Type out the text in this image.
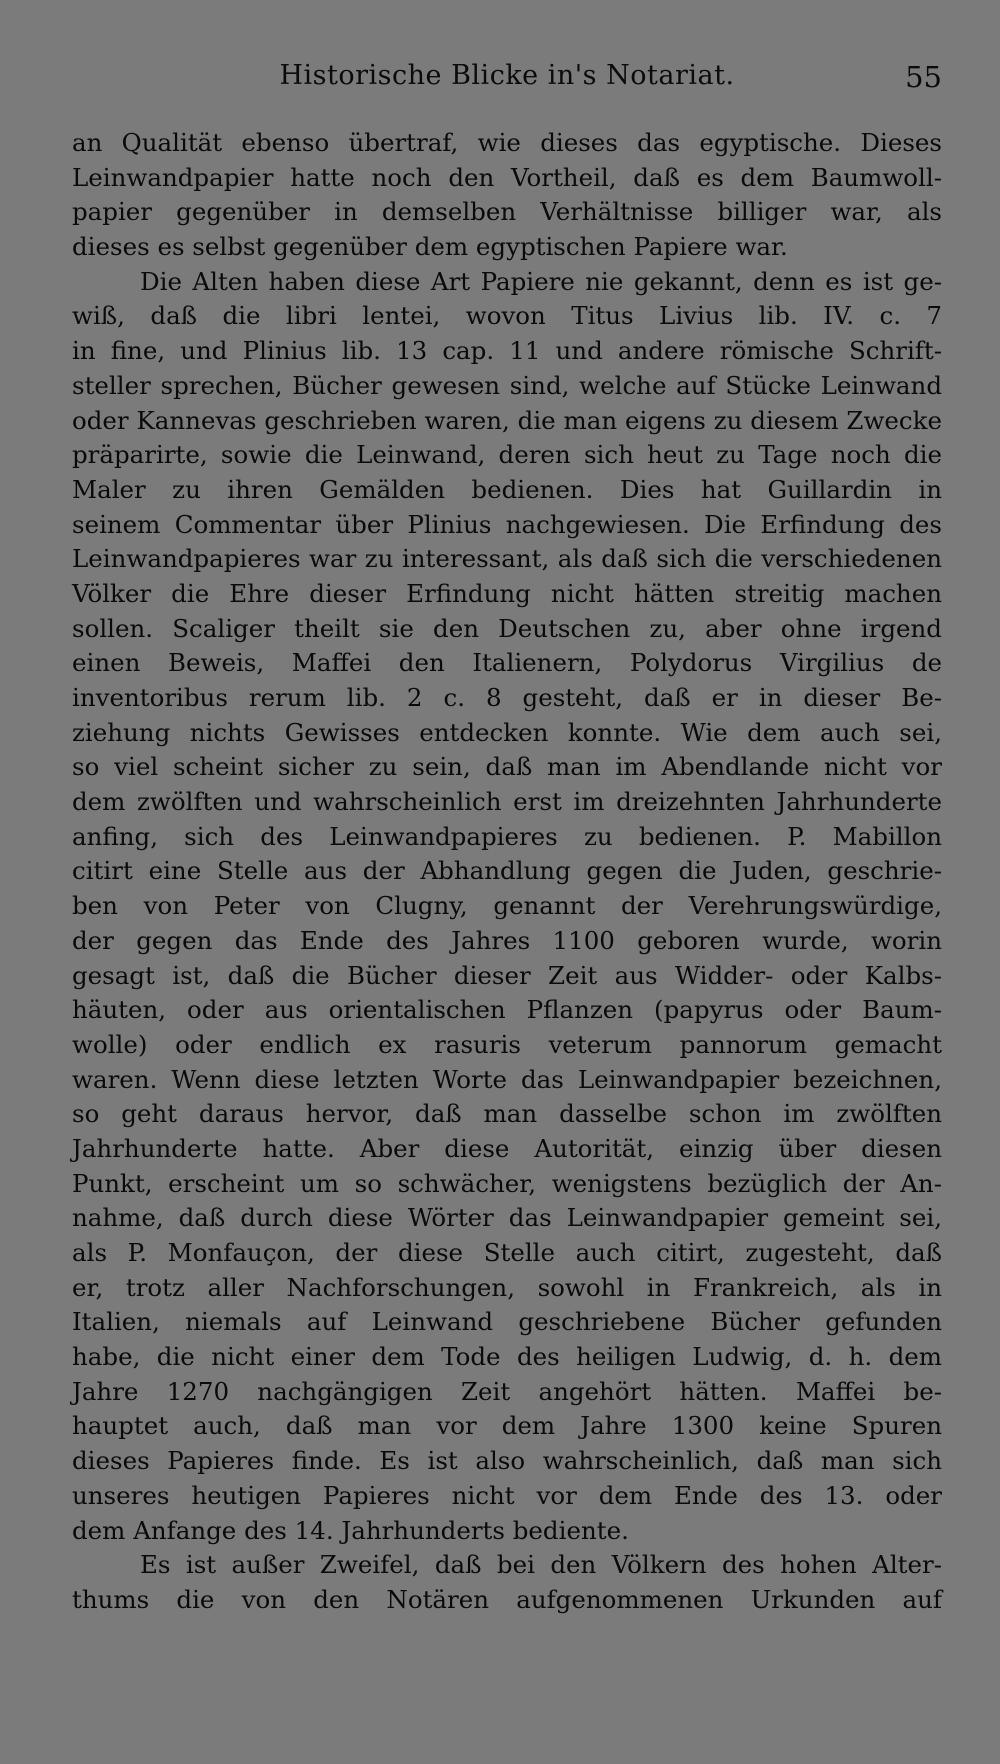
Historische Blicke in's Notariat.	55
an Qualität ebenso übertraf, wie dieses das egyptische. Dieses
Leinwandpapier hatte noch den Vortheil, daß es dem Baumwoll-
papier gegenüber in demselben Verhältnisse billiger war, als
dieses es selbst gegenüber dem egyptischen Papiere war.
Die Alten haben diese Art Papiere nie gekannt, denn es ist ge-
wiß, daß die libri lentei, wovon Titus Livius lib. IV. c. 7
in fine, und Plinius lib. 13 cap. 11 und andere römische Schrift-
steller sprechen, Bücher gewesen sind, welche auf Stücke Leinwand
oder Kannevas geschrieben waren, die man eigens zu diesem Zwecke
präparirte, sowie die Leinwand, deren sich heut zu Tage noch die
Maler zu ihren Gemälden bedienen. Dies hat Guillardin in
seinem Commentar über Plinius nachgewiesen. Die Erfindung des
Leinwandpapieres war zu interessant, als daß sich die verschiedenen
Völker die Ehre dieser Erfindung nicht hätten streitig machen
sollen. Scaliger theilt sie den Deutschen zu, aber ohne irgend
einen Beweis, Maffei den Italienern, Polydorus Virgilius de
inventoribus rerum lib. 2 c. 8 gesteht, daß er in dieser Be-
ziehung nichts Gewisses entdecken konnte. Wie dem auch sei,
so viel scheint sicher zu sein, daß man im Abendlande nicht vor
dem zwölften und wahrscheinlich erst im dreizehnten Jahrhunderte
anfing, sich des Leinwandpapieres zu bedienen. P. Mabillon
citirt eine Stelle aus der Abhandlung gegen die Juden, geschrie-
ben von Peter von Clugny, genannt der Verehrungswürdige,
der gegen das Ende des Jahres 1100 geboren wurde, worin
gesagt ist, daß die Bücher dieser Zeit aus Widder- oder Kalbs-
häuten, oder aus orientalischen Pflanzen (papyrus oder Baum-
wolle) oder endlich ex rasuris veterum pannorum gemacht
waren. Wenn diese letzten Worte das Leinwandpapier bezeichnen,
so geht daraus hervor, daß man dasselbe schon im zwölften
Jahrhunderte hatte. Aber diese Autorität, einzig über diesen
Punkt, erscheint um so schwächer, wenigstens bezüglich der An-
nahme, daß durch diese Wörter das Leinwandpapier gemeint sei,
als P. Monfauçon, der diese Stelle auch citirt, zugesteht, daß
er, trotz aller Nachforschungen, sowohl in Frankreich, als in
Italien, niemals auf Leinwand geschriebene Bücher gefunden
habe, die nicht einer dem Tode des heiligen Ludwig, d. h. dem
Jahre 1270 nachgängigen Zeit angehört hätten. Maffei be-
hauptet auch, daß man vor dem Jahre 1300 keine Spuren
dieses Papieres finde. Es ist also wahrscheinlich, daß man sich
unseres heutigen Papieres nicht vor dem Ende des 13. oder
dem Anfange des 14. Jahrhunderts bediente.
Es ist außer Zweifel, daß bei den Völkern des hohen Alter-
thums die von den Notären aufgenommenen Urkunden auf
